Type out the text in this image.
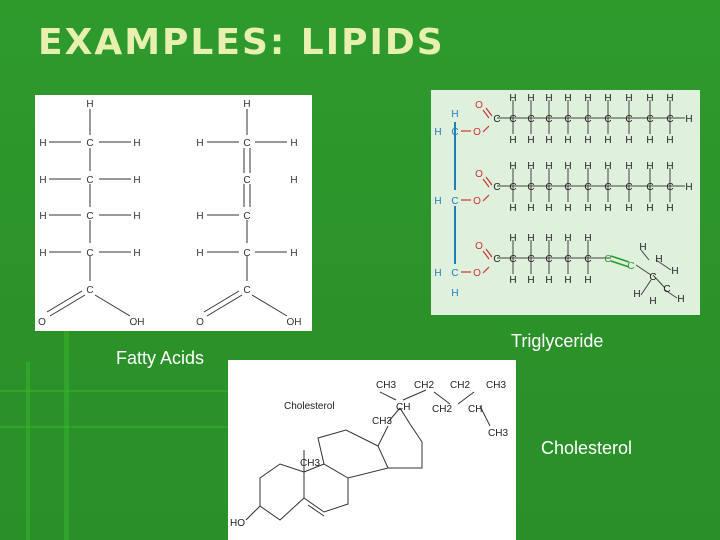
EXAMPLES: LIPIDS
H
H	C	H
H	C	H
H	C	H
H	C	H
C
O	OH
H
H	C	H
C	H
H	C
H	C	H
C
O	OH
H
H C O
H C O
H C O
H
O
O
O
C C C C C C C C C C H
H H H H H H H H H
H H H H H H H H H
C C C C C C C C C C H
H H H H H H H H H
H H H H H H H H H
C C C C C C C
C
C
C
H H H H H
H H H H H
H
H
H
H
H H
Cholesterol
CH3 CH2 CH2 CH3
CH CH2 CH
CH3
CH3
CH3
HO
Fatty Acids
Triglyceride
Cholesterol
